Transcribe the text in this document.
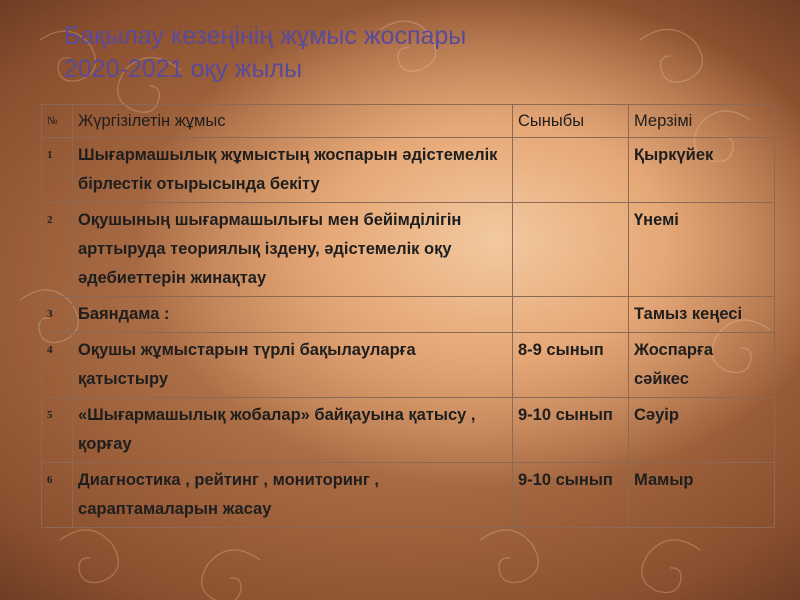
Бақылау кезеңінің жұмыс жоспары
2020-2021 оқу жылы
№	Жүргізілетін жұмыс	Сыныбы	Мерзімі
1	Шығармашылық жұмыстың жоспарын әдістемелік бірлестік отырысында бекіту		Қыркүйек
2	Оқушының шығармашылығы мен бейімділігін арттыруда теориялық іздену, әдістемелік оқу әдебиеттерін жинақтау		Үнемі
3	Баяндама :		Тамыз кеңесі
4	Оқушы жұмыстарын түрлі бақылауларға қатыстыру	8-9 сынып	Жоспарға сәйкес
5	«Шығармашылық жобалар» байқауына қатысу , қорғау	9-10 сынып	Сәуір
6	Диагностика , рейтинг , мониторинг , сараптамаларын жасау	9-10 сынып	Мамыр
